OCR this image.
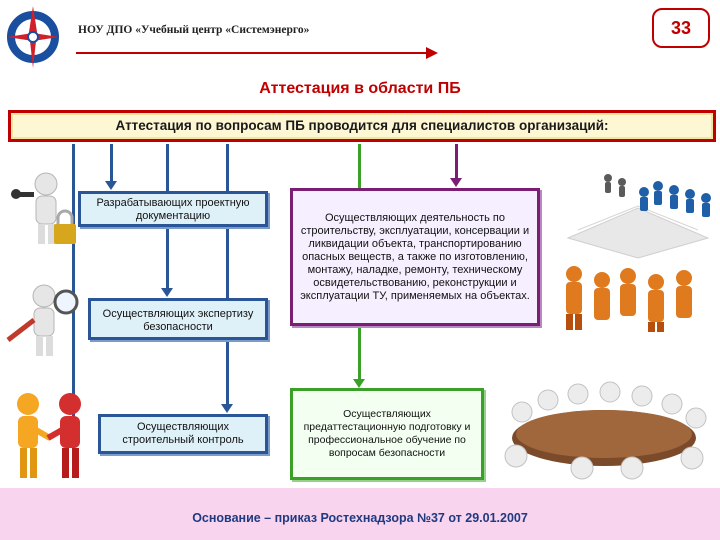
НОУ ДПО «Учебный центр «Системэнерго»	33
Аттестация в области ПБ
Аттестация по вопросам ПБ проводится для специалистов организаций:
Разрабатывающих проектную документацию
Осуществляющих экспертизу безопасности
Осуществляющих строительный контроль
Осуществляющих деятельность по строительству, эксплуатации, консервации и ликвидации объекта, транспортированию опасных веществ, а также по изготовлению, монтажу, наладке, ремонту, техническому освидетельствованию, реконструкции и эксплуатации ТУ, применяемых на объектах.
Осуществляющих предаттестационную подготовку и профессиональное обучение по вопросам безопасности
Основание – приказ Ростехнадзора №37 от 29.01.2007
